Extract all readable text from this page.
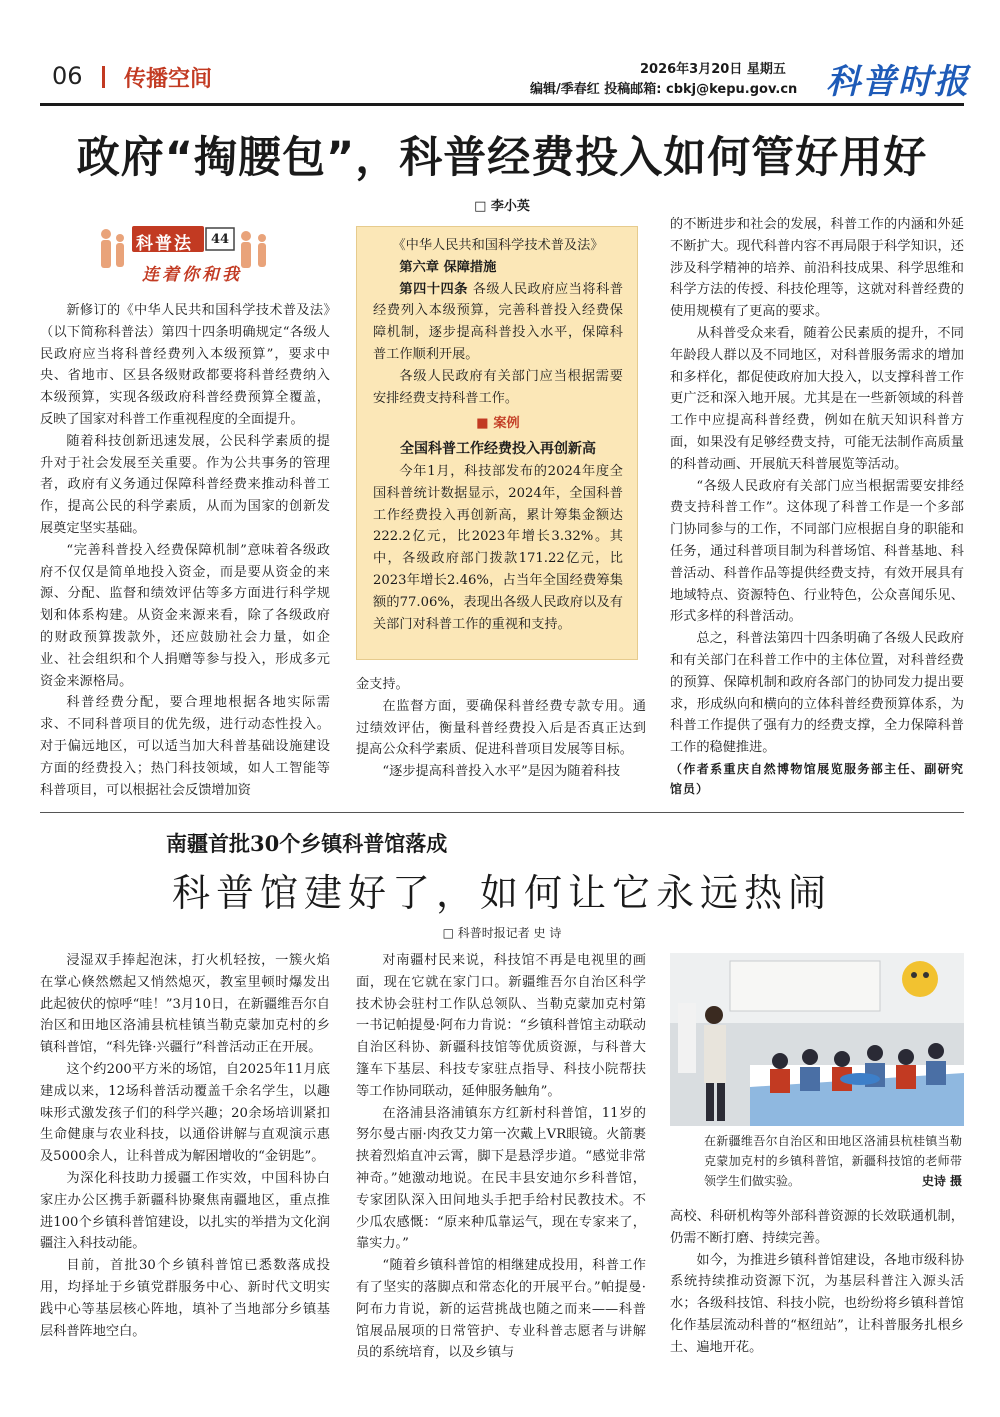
06 传播空间	2026年3月20日 星期五
编辑/季春红 投稿邮箱: cbkj@kepu.gov.cn 科普时报
政府“掏腰包”，科普经费投入如何管好用好
□ 李小英
科普法 44
连着你和我

新修订的《中华人民共和国科学技术普及法》（以下简称科普法）第四十四条明确规定“各级人民政府应当将科普经费列入本级预算”，要求中央、省地市、区县各级财政都要将科普经费纳入本级预算，实现各级政府科普经费预算全覆盖，反映了国家对科普工作重视程度的全面提升。

随着科技创新迅速发展，公民科学素质的提升对于社会发展至关重要。作为公共事务的管理者，政府有义务通过保障科普经费来推动科普工作，提高公民的科学素质，从而为国家的创新发展奠定坚实基础。

“完善科普投入经费保障机制”意味着各级政府不仅仅是简单地投入资金，而是要从资金的来源、分配、监督和绩效评估等多方面进行科学规划和体系构建。从资金来源来看，除了各级政府的财政预算拨款外，还应鼓励社会力量，如企业、社会组织和个人捐赠等参与投入，形成多元资金来源格局。

科普经费分配，要合理地根据各地实际需求、不同科普项目的优先级，进行动态性投入。对于偏远地区，可以适当加大科普基础设施建设方面的经费投入；热门科技领域，如人工智能等科普项目，可以根据社会反馈增加资

《中华人民共和国科学技术普及法》

第六章 保障措施

第四十四条 各级人民政府应当将科普经费列入本级预算，完善科普投入经费保障机制，逐步提高科普投入水平，保障科普工作顺利开展。

各级人民政府有关部门应当根据需要安排经费支持科普工作。

■ 案例

全国科普工作经费投入再创新高

今年1月，科技部发布的2024年度全国科普统计数据显示，2024年，全国科普工作经费投入再创新高，累计筹集金额达222.2亿元，比2023年增长3.32%。其中，各级政府部门拨款171.22亿元，比2023年增长2.46%，占当年全国经费筹集额的77.06%，表现出各级人民政府以及有关部门对科普工作的重视和支持。

金支持。

在监督方面，要确保科普经费专款专用。通过绩效评估，衡量科普经费投入后是否真正达到提高公众科学素质、促进科普项目发展等目标。

“逐步提高科普投入水平”是因为随着科技

的不断进步和社会的发展，科普工作的内涵和外延不断扩大。现代科普内容不再局限于科学知识，还涉及科学精神的培养、前沿科技成果、科学思维和科学方法的传授、科技伦理等，这就对科普经费的使用规模有了更高的要求。

从科普受众来看，随着公民素质的提升，不同年龄段人群以及不同地区，对科普服务需求的增加和多样化，都促使政府加大投入，以支撑科普工作更广泛和深入地开展。尤其是在一些新领域的科普工作中应提高科普经费，例如在航天知识科普方面，如果没有足够经费支持，可能无法制作高质量的科普动画、开展航天科普展览等活动。

“各级人民政府有关部门应当根据需要安排经费支持科普工作”。这体现了科普工作是一个多部门协同参与的工作，不同部门应根据自身的职能和任务，通过科普项目制为科普场馆、科普基地、科普活动、科普作品等提供经费支持，有效开展具有地域特点、资源特色、行业特色，公众喜闻乐见、形式多样的科普活动。

总之，科普法第四十四条明确了各级人民政府和有关部门在科普工作中的主体位置，对科普经费的预算、保障机制和政府各部门的协同发力提出要求，形成纵向和横向的立体科普经费预算体系，为科普工作提供了强有力的经费支撑，全力保障科普工作的稳健推进。

（作者系重庆自然博物馆展览服务部主任、副研究馆员）
南疆首批30个乡镇科普馆落成
科普馆建好了，如何让它永远热闹
□ 科普时报记者 史 诗

浸湿双手捧起泡沫，打火机轻按，一簇火焰在掌心倏然燃起又悄然熄灭，教室里顿时爆发出此起彼伏的惊呼“哇！”3月10日，在新疆维吾尔自治区和田地区洛浦县杭桂镇当勒克蒙加克村的乡镇科普馆，“科先锋·兴疆行”科普活动正在开展。

这个约200平方米的场馆，自2025年11月底建成以来，12场科普活动覆盖千余名学生，以趣味形式激发孩子们的科学兴趣；20余场培训紧扣生命健康与农业科技，以通俗讲解与直观演示惠及5000余人，让科普成为解困增收的“金钥匙”。

为深化科技助力援疆工作实效，中国科协白家庄办公区携手新疆科协聚焦南疆地区，重点推进100个乡镇科普馆建设，以扎实的举措为文化润疆注入科技动能。

目前，首批30个乡镇科普馆已悉数落成投用，均择址于乡镇党群服务中心、新时代文明实践中心等基层核心阵地，填补了当地部分乡镇基层科普阵地空白。

对南疆村民来说，科技馆不再是电视里的画面，现在它就在家门口。新疆维吾尔自治区科学技术协会驻村工作队总领队、当勒克蒙加克村第一书记帕提曼·阿布力肯说：“乡镇科普馆主动联动自治区科协、新疆科技馆等优质资源，与科普大篷车下基层、科技专家驻点指导、科技小院帮扶等工作协同联动，延伸服务触角”。

在洛浦县洛浦镇东方红新村科普馆，11岁的努尔曼古丽·肉孜艾力第一次戴上VR眼镜。火箭裹挟着烈焰直冲云霄，脚下是悬浮步道。“感觉非常神奇。”她激动地说。在民丰县安迪尔乡科普馆，专家团队深入田间地头手把手给村民教技术。不少瓜农感慨：“原来种瓜靠运气，现在专家来了，靠实力。”

“随着乡镇科普馆的相继建成投用，科普工作有了坚实的落脚点和常态化的开展平台。”帕提曼·阿布力肯说，新的运营挑战也随之而来——科普馆展品展项的日常管护、专业科普志愿者与讲解员的系统培育，以及乡镇与

在新疆维吾尔自治区和田地区洛浦县杭桂镇当勒克蒙加克村的乡镇科普馆，新疆科技馆的老师带领学生们做实验。	史诗 摄

高校、科研机构等外部科普资源的长效联通机制，仍需不断打磨、持续完善。

如今，为推进乡镇科普馆建设，各地市级科协系统持续推动资源下沉，为基层科普注入源头活水；各级科技馆、科技小院，也纷纷将乡镇科普馆化作基层流动科普的“枢纽站”，让科普服务扎根乡土、遍地开花。
